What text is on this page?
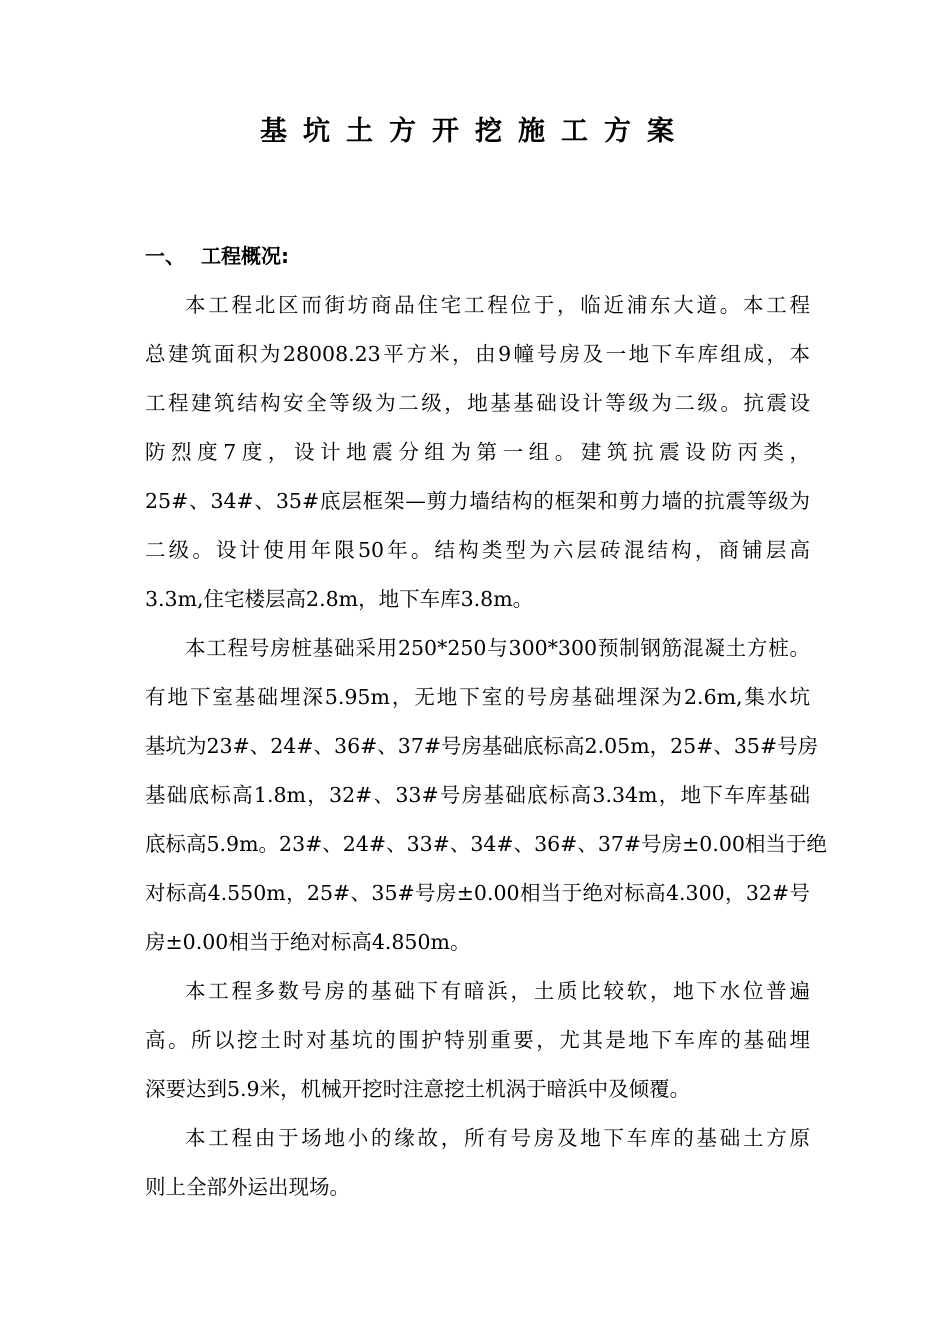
基坑土方开挖施工方案
一、 工程概况:
本工程北区而街坊商品住宅工程位于，临近浦东大道。本工程
总建筑面积为28008.23平方米，由9幢号房及一地下车库组成，本
工程建筑结构安全等级为二级，地基基础设计等级为二级。抗震设
防烈度7度，设计地震分组为第一组。建筑抗震设防丙类，
25#、34#、35#底层框架—剪力墙结构的框架和剪力墙的抗震等级为
二级。设计使用年限50年。结构类型为六层砖混结构，商铺层高
3.3m,住宅楼层高2.8m，地下车库3.8m。
本工程号房桩基础采用250*250与300*300预制钢筋混凝土方桩。
有地下室基础埋深5.95m，无地下室的号房基础埋深为2.6m,集水坑
基坑为23#、24#、36#、37#号房基础底标高2.05m，25#、35#号房
基础底标高1.8m，32#、33#号房基础底标高3.34m，地下车库基础
底标高5.9m。23#、24#、33#、34#、36#、37#号房±0.00相当于绝
对标高4.550m，25#、35#号房±0.00相当于绝对标高4.300，32#号
房±0.00相当于绝对标高4.850m。
本工程多数号房的基础下有暗浜，土质比较软，地下水位普遍
高。所以挖土时对基坑的围护特别重要，尤其是地下车库的基础埋
深要达到5.9米，机械开挖时注意挖土机涡于暗浜中及倾覆。
本工程由于场地小的缘故，所有号房及地下车库的基础土方原
则上全部外运出现场。
